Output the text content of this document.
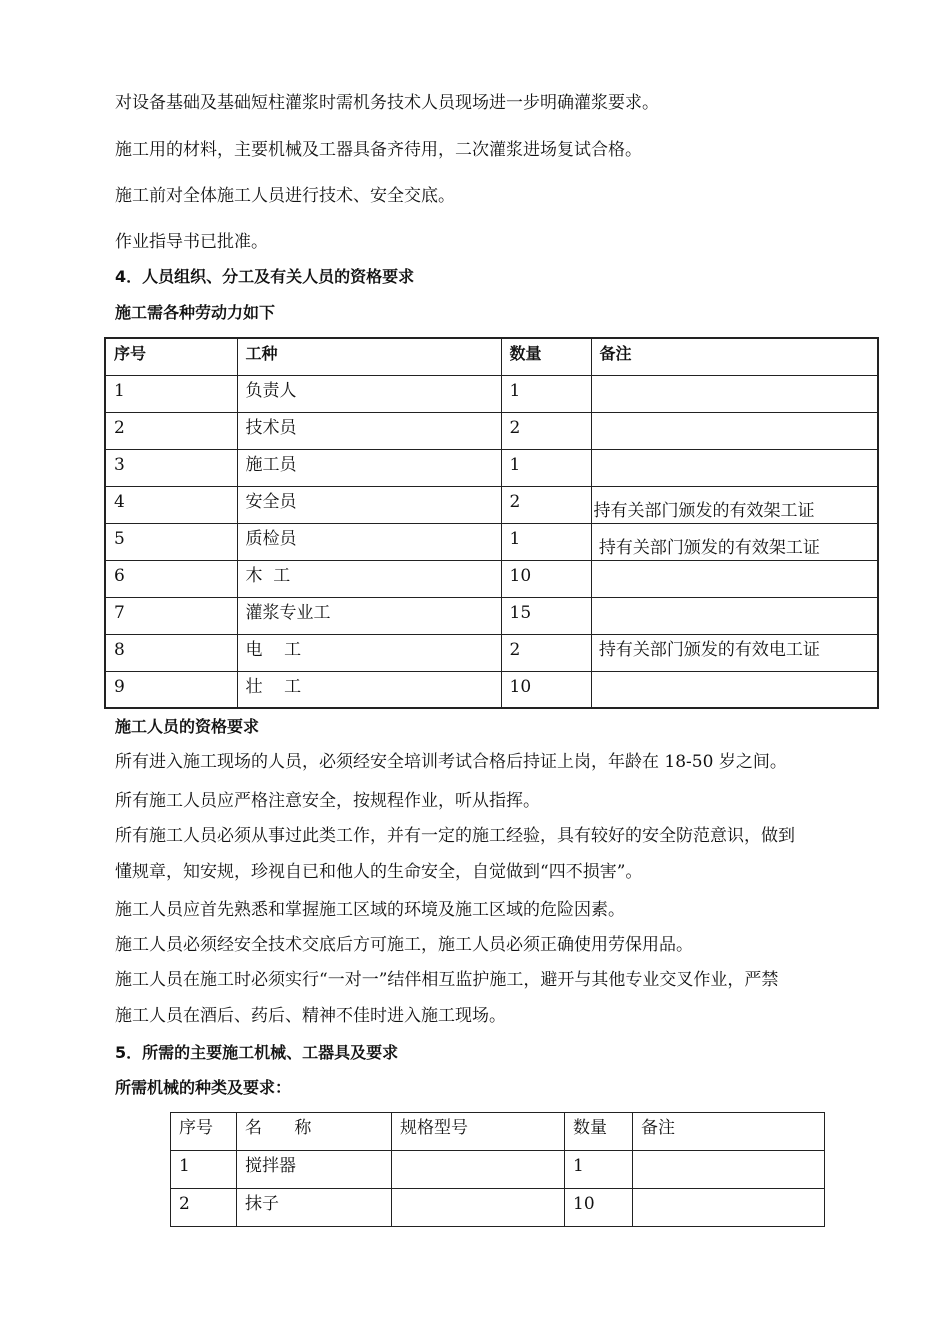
对设备基础及基础短柱灌浆时需机务技术人员现场进一步明确灌浆要求。
施工用的材料，主要机械及工器具备齐待用，二次灌浆进场复试合格。
施工前对全体施工人员进行技术、安全交底。
作业指导书已批准。
4．人员组织、分工及有关人员的资格要求
施工需各种劳动力如下
序号	工种	数量	备注
1	负责人	1	
2	技术员	2	
3	施工员	1	
4	安全员	2	持有关部门颁发的有效架工证
5	质检员	1	持有关部门颁发的有效架工证
6	木  工	10	
7	灌浆专业工	15	
8	电    工	2	持有关部门颁发的有效电工证
9	壮    工	10	
施工人员的资格要求
所有进入施工现场的人员，必须经安全培训考试合格后持证上岗，年龄在 18-50 岁之间。
所有施工人员应严格注意安全，按规程作业，听从指挥。
所有施工人员必须从事过此类工作，并有一定的施工经验，具有较好的安全防范意识，做到
懂规章，知安规，珍视自已和他人的生命安全，自觉做到“四不损害”。
施工人员应首先熟悉和掌握施工区域的环境及施工区域的危险因素。
施工人员必须经安全技术交底后方可施工，施工人员必须正确使用劳保用品。
施工人员在施工时必须实行“一对一”结伴相互监护施工，避开与其他专业交叉作业，严禁
施工人员在酒后、药后、精神不佳时进入施工现场。
5．所需的主要施工机械、工器具及要求
所需机械的种类及要求：
序号	名      称	规格型号	数量	备注
1	搅拌器		1	
2	抹子		10	
